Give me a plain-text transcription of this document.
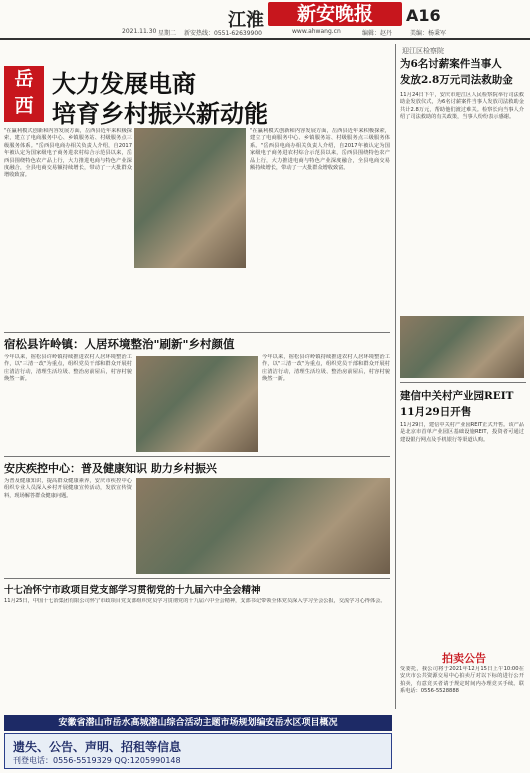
江淮	新安晚报	A16
2021.11.30 星期二 新安热线：0551-62639900	www.ahwang.cn	编辑：赵丹	美编：杨秉军
岳
西
大力发展电商
培育乡村振兴新动能
"在赢利模式创新和内容发展方面，岳西县近年来积极探索，建立了电商服务中心、乡镇服务站、村级服务点三级服务体系。"岳西县电商办相关负责人介绍，自2017年被认定为国家级电子商务进农村综合示范县以来，岳西县围绕特色农产品上行，大力推进电商与特色产业深度融合，全县电商交易额持续增长，带动了一大批群众增收致富。
"在赢利模式创新和内容发展方面，岳西县近年来积极探索，建立了电商服务中心、乡镇服务站、村级服务点三级服务体系。"岳西县电商办相关负责人介绍，自2017年被认定为国家级电子商务进农村综合示范县以来，岳西县围绕特色农产品上行，大力推进电商与特色产业深度融合，全县电商交易额持续增长，带动了一大批群众增收致富。
迎江区检察院
为6名讨薪案件当事人
发放2.8万元司法救助金
11月24日下午，安庆市迎江区人民检察院举行司法救助金发放仪式，为6名讨薪案件当事人发放司法救助金共计2.8万元，帮助他们渡过难关。检察长向当事人介绍了司法救助的有关政策，当事人纷纷表示感谢。
宿松县许岭镇：人居环境整治"刷新"乡村颜值
今年以来，宿松县许岭镇持续推进农村人居环境整治工作，以"三清一改"为重点，组织党员干部和群众开展村庄清洁行动，清理生活垃圾、整治房前屋后，村容村貌焕然一新。
今年以来，宿松县许岭镇持续推进农村人居环境整治工作，以"三清一改"为重点，组织党员干部和群众开展村庄清洁行动，清理生活垃圾、整治房前屋后，村容村貌焕然一新。
安庆疾控中心：普及健康知识 助力乡村振兴
为普及健康知识，提高群众健康素养，安庆市疾控中心组织专业人员深入乡村开展健康宣传活动，发放宣传资料，现场解答群众健康问题。
建信中关村产业园REIT
11月29日开售
11月29日，建信中关村产业园REIT正式开售。该产品是北京市首单产业园区基础设施REIT，投资者可通过建设银行网点及手机银行等渠道认购。
十七冶怀宁市政项目党支部学习贯彻党的十九届六中全会精神
11月25日，中国十七冶集团有限公司怀宁市政项目党支部组织党员学习贯彻党的十九届六中全会精神，支部书记带领全体党员深入学习全会公报，交流学习心得体会。
拍卖公告
受委托，我公司将于2021年12月15日上午10:00在安庆市公共资源交易中心拍卖厅对以下标的进行公开拍卖，有意竞买者请于规定时间内办理竞买手续。联系电话：0556-5528888
安徽省潜山市岳水高城潜山综合活动主题市场规划编安岳水区项目概况
遗失、公告、声明、招租等信息
刊登电话：0556-5519329 QQ:1205990148
